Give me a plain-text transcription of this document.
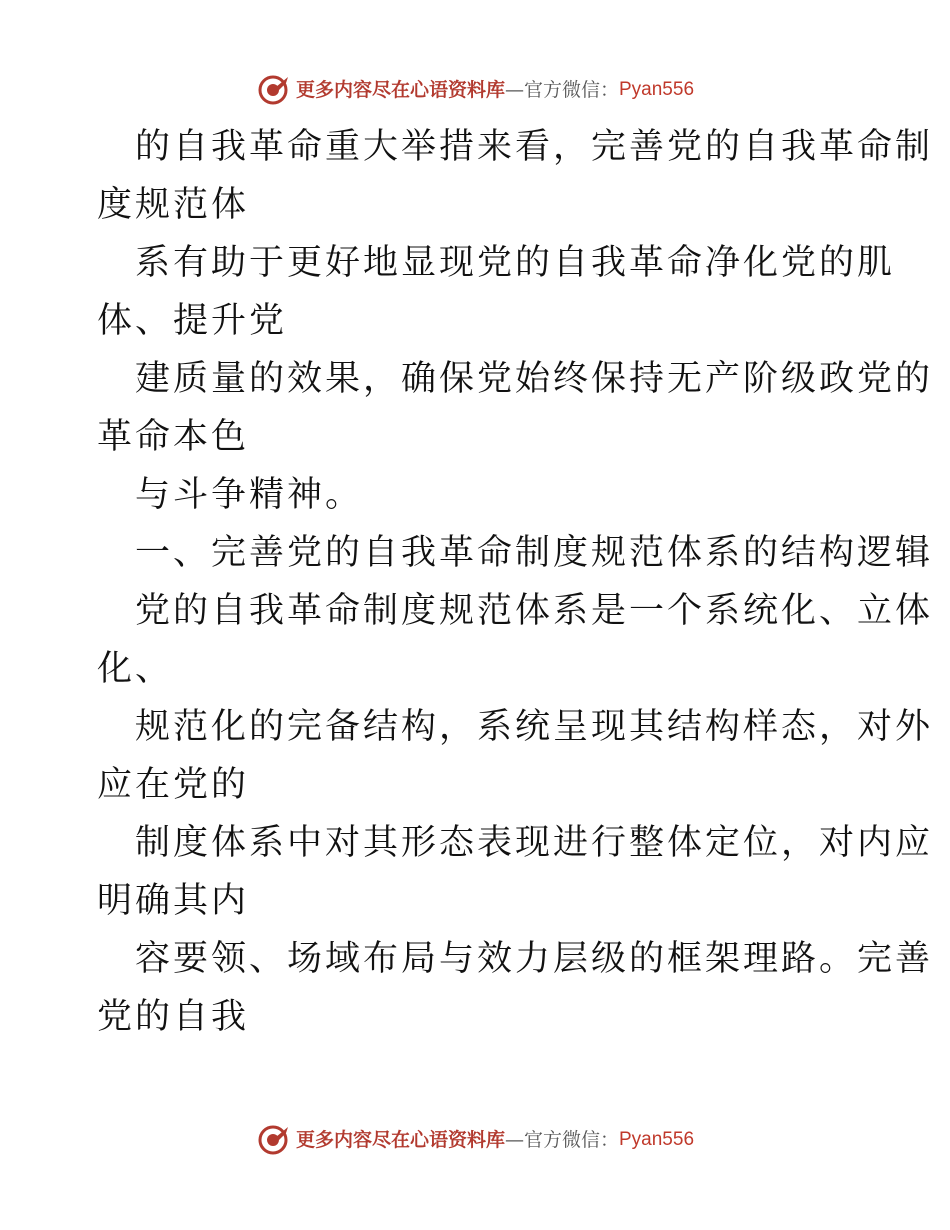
更多内容尽在心语资料库 —官方微信： Pyan556
的自我革命重大举措来看，完善党的自我革命制
度规范体
系有助于更好地显现党的自我革命净化党的肌
体、提升党
建质量的效果，确保党始终保持无产阶级政党的
革命本色
与斗争精神。
一、完善党的自我革命制度规范体系的结构逻辑
党的自我革命制度规范体系是一个系统化、立体
化、
规范化的完备结构，系统呈现其结构样态，对外
应在党的
制度体系中对其形态表现进行整体定位，对内应
明确其内
容要领、场域布局与效力层级的框架理路。完善
党的自我
更多内容尽在心语资料库 —官方微信： Pyan556
